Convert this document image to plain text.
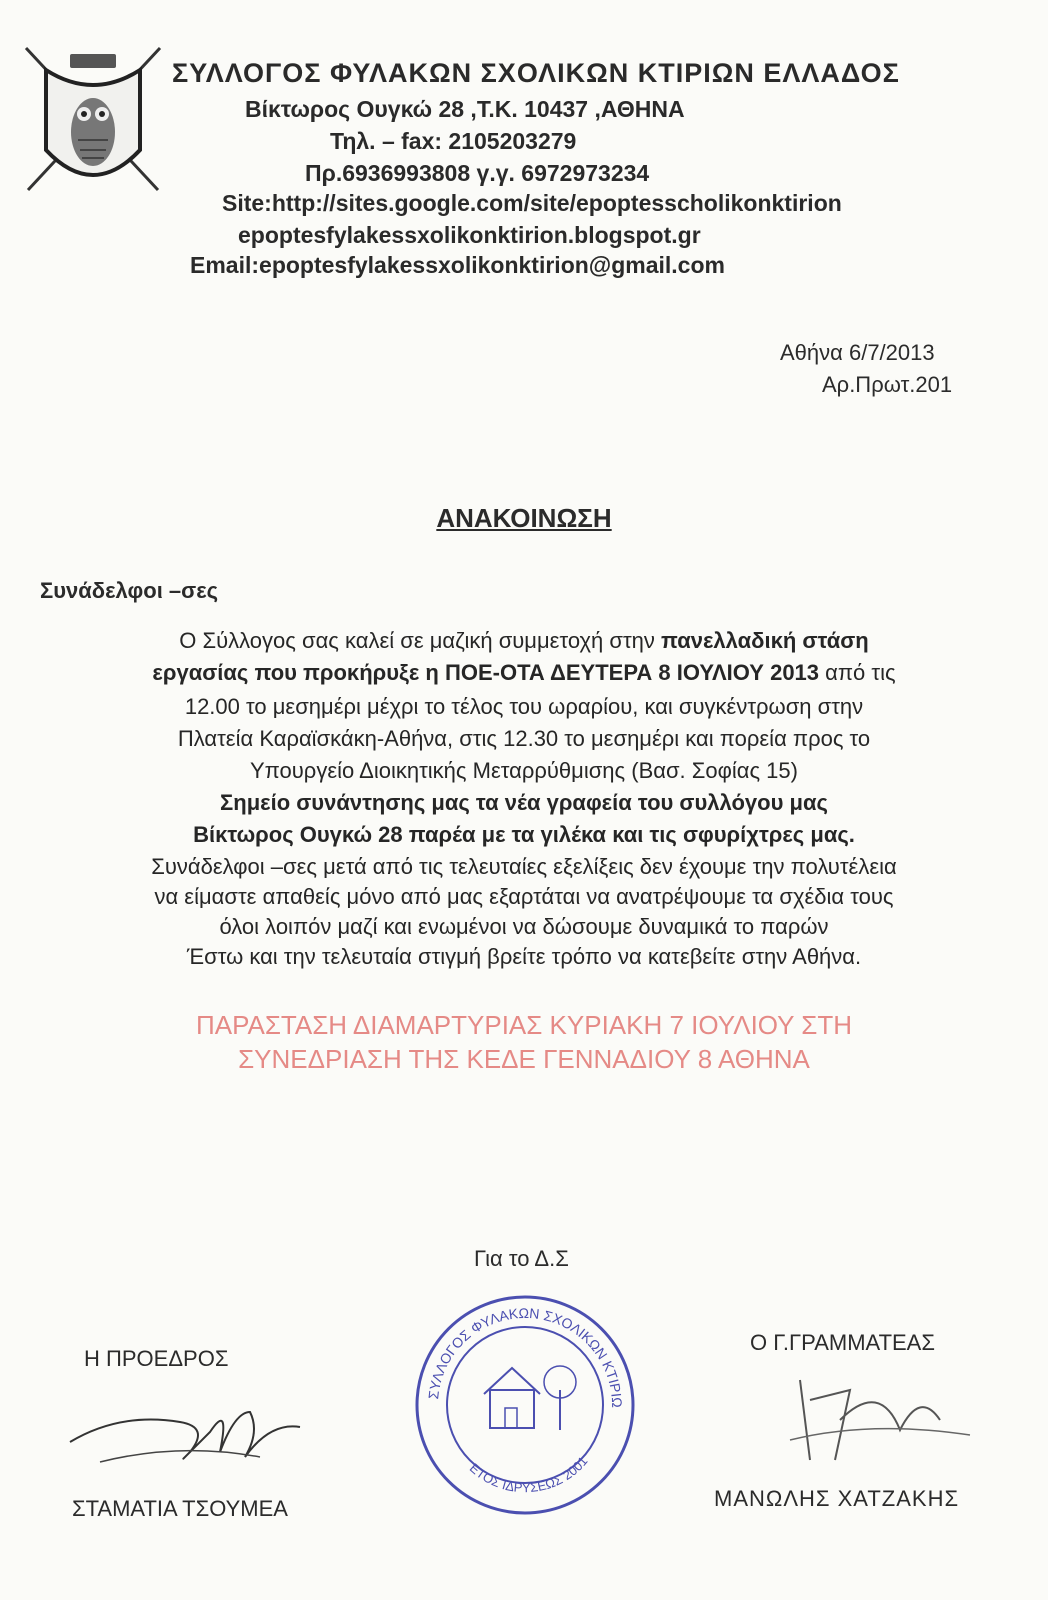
ΣΥΛΛΟΓΟΣ ΦΥΛΑΚΩΝ ΣΧΟΛΙΚΩΝ ΚΤΙΡΙΩΝ ΕΛΛΑΔΟΣ
Βίκτωρος Ουγκώ 28 ,Τ.Κ. 10437 ,ΑΘΗΝΑ
Τηλ. – fax: 2105203279
Πρ.6936993808 γ.γ. 6972973234
Site:http://sites.google.com/site/epoptesscholikonktirion
epoptesfylakessxolikonktirion.blogspot.gr
Email:epoptesfylakessxolikonktirion@gmail.com
Αθήνα 6/7/2013
Αρ.Πρωτ.201
ΑΝΑΚΟΙΝΩΣΗ
Συνάδελφοι –σες
Ο Σύλλογος σας καλεί σε μαζική συμμετοχή στην πανελλαδική στάση
εργασίας που προκήρυξε η ΠΟΕ-ΟΤΑ ΔΕΥΤΕΡΑ 8 ΙΟΥΛΙΟΥ 2013 από τις
12.00 το μεσημέρι μέχρι το τέλος του ωραρίου, και συγκέντρωση στην
Πλατεία Καραϊσκάκη-Αθήνα, στις 12.30 το μεσημέρι και πορεία προς το
Υπουργείο Διοικητικής Μεταρρύθμισης (Βασ. Σοφίας 15)
Σημείο συνάντησης μας τα νέα γραφεία του συλλόγου μας
Βίκτωρος Ουγκώ 28 παρέα με τα γιλέκα και τις σφυρίχτρες μας.
Συνάδελφοι –σες μετά από τις τελευταίες εξελίξεις δεν έχουμε την πολυτέλεια
να είμαστε απαθείς μόνο από μας εξαρτάται να ανατρέψουμε τα σχέδια τους
όλοι λοιπόν μαζί και ενωμένοι να δώσουμε δυναμικά το παρών
Έστω και την τελευταία στιγμή βρείτε τρόπο να κατεβείτε στην Αθήνα.
ΠΑΡΑΣΤΑΣΗ ΔΙΑΜΑΡΤΥΡΙΑΣ ΚΥΡΙΑΚΗ 7 ΙΟΥΛΙΟΥ ΣΤΗ
ΣΥΝΕΔΡΙΑΣΗ ΤΗΣ ΚΕΔΕ ΓΕΝΝΑΔΙΟΥ 8 ΑΘΗΝΑ
Για το Δ.Σ
Η ΠΡΟΕΔΡΟΣ
Ο Γ.ΓΡΑΜΜΑΤΕΑΣ
ΣΤΑΜΑΤΙΑ ΤΣΟΥΜΕΑ	ΜΑΝΩΛΗΣ ΧΑΤΖΑΚΗΣ
ΣΥΛΛΟΓΟΣ ΦΥΛΑΚΩΝ ΣΧΟΛΙΚΩΝ ΚΤΙΡΙΩ
ΕΤΟΣ ΙΔΡΥΣΕΩΣ 2001
